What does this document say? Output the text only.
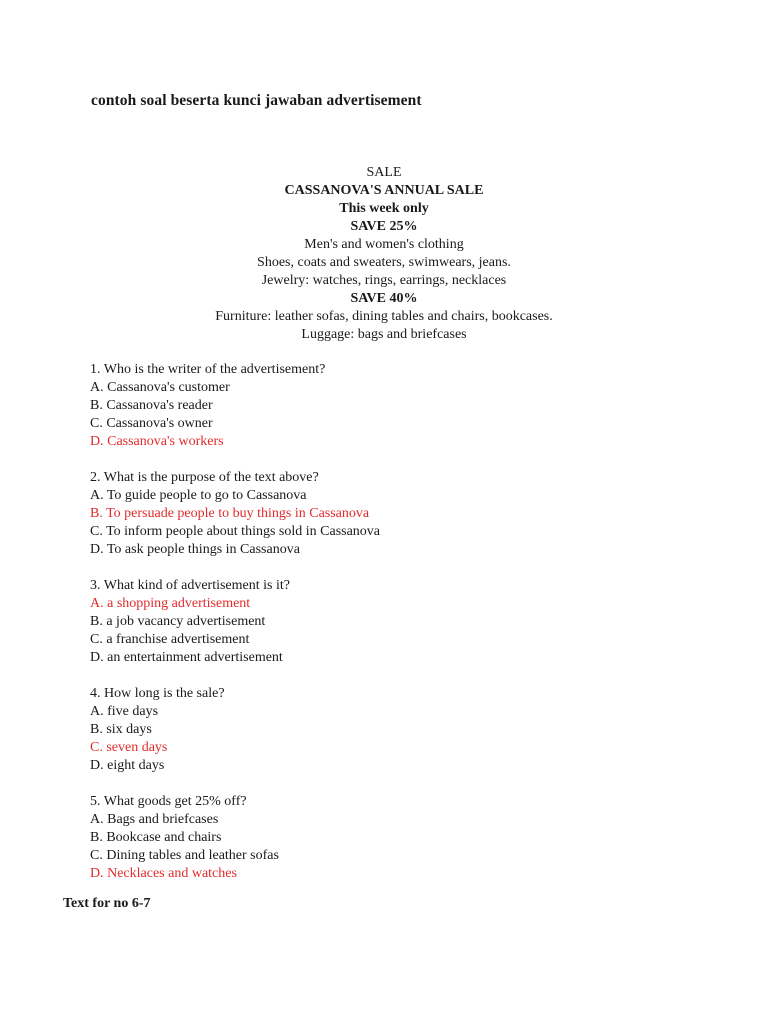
contoh soal beserta kunci jawaban advertisement
SALE
CASSANOVA'S ANNUAL SALE
This week only
SAVE 25%
Men's and women's clothing
Shoes, coats and sweaters, swimwears, jeans.
Jewelry: watches, rings, earrings, necklaces
SAVE 40%
Furniture: leather sofas, dining tables and chairs, bookcases.
Luggage: bags and briefcases
1. Who is the writer of the advertisement?
A. Cassanova's customer
B. Cassanova's reader
C. Cassanova's owner
D. Cassanova's workers
2. What is the purpose of the text above?
A. To guide people to go to Cassanova
B. To persuade people to buy things in Cassanova
C. To inform people about things sold in Cassanova
D. To ask people things in Cassanova
3. What kind of advertisement is it?
A. a shopping advertisement
B. a job vacancy advertisement
C. a franchise advertisement
D. an entertainment advertisement
4. How long is the sale?
A. five days
B. six days
C. seven days
D. eight days
5. What goods get 25% off?
A. Bags and briefcases
B. Bookcase and chairs
C. Dining tables and leather sofas
D. Necklaces and watches
Text for no 6-7
